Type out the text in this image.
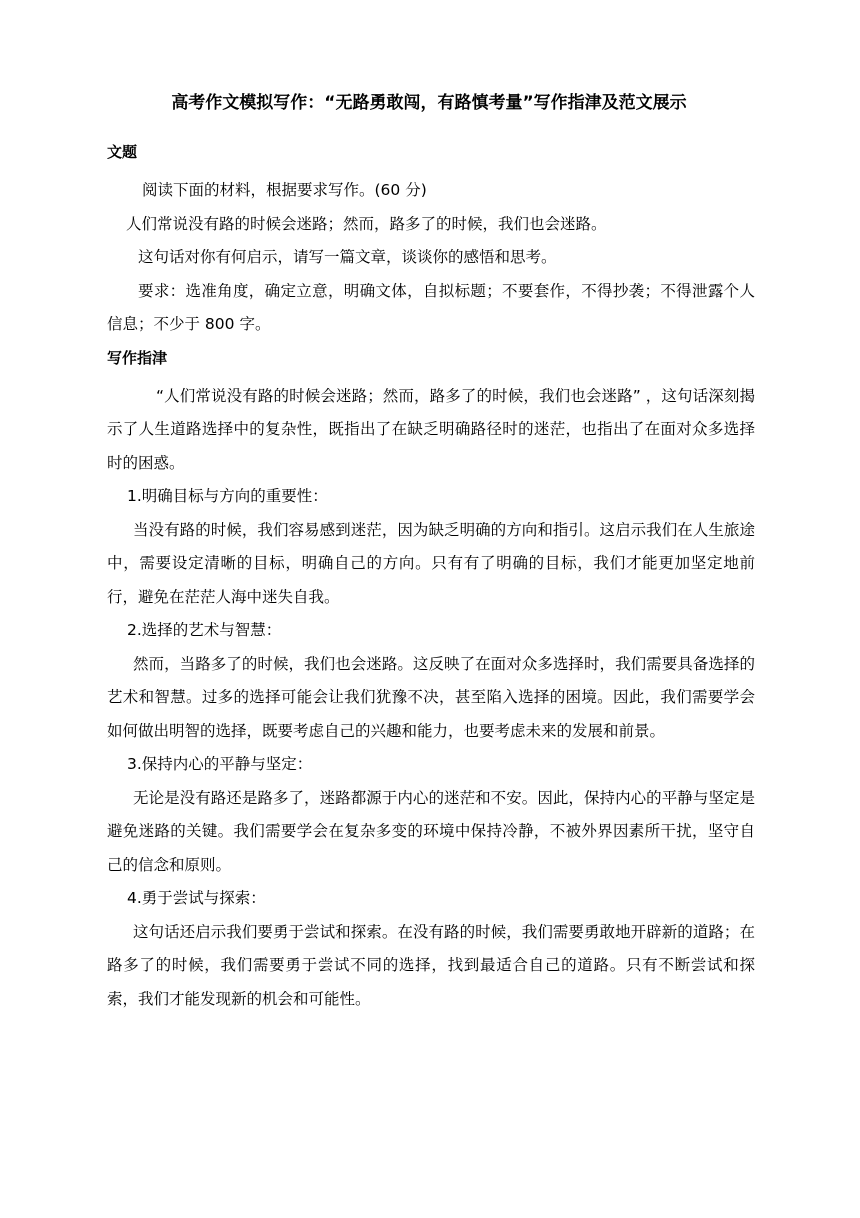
高考作文模拟写作：“无路勇敢闯，有路慎考量”写作指津及范文展示
文题

阅读下面的材料，根据要求写作。(60 分)

人们常说没有路的时候会迷路；然而，路多了的时候，我们也会迷路。

这句话对你有何启示，请写一篇文章，谈谈你的感悟和思考。

要求：选准角度，确定立意，明确文体，自拟标题；不要套作，不得抄袭；不得泄露个人信息；不少于 800 字。

写作指津

“人们常说没有路的时候会迷路；然而，路多了的时候，我们也会迷路” ，这句话深刻揭示了人生道路选择中的复杂性，既指出了在缺乏明确路径时的迷茫，也指出了在面对众多选择时的困惑。

1.明确目标与方向的重要性：

当没有路的时候，我们容易感到迷茫，因为缺乏明确的方向和指引。这启示我们在人生旅途中，需要设定清晰的目标，明确自己的方向。只有有了明确的目标，我们才能更加坚定地前行，避免在茫茫人海中迷失自我。

2.选择的艺术与智慧：

然而，当路多了的时候，我们也会迷路。这反映了在面对众多选择时，我们需要具备选择的艺术和智慧。过多的选择可能会让我们犹豫不决，甚至陷入选择的困境。因此，我们需要学会如何做出明智的选择，既要考虑自己的兴趣和能力，也要考虑未来的发展和前景。

3.保持内心的平静与坚定：

无论是没有路还是路多了，迷路都源于内心的迷茫和不安。因此，保持内心的平静与坚定是避免迷路的关键。我们需要学会在复杂多变的环境中保持冷静，不被外界因素所干扰，坚守自己的信念和原则。

4.勇于尝试与探索：

这句话还启示我们要勇于尝试和探索。在没有路的时候，我们需要勇敢地开辟新的道路；在路多了的时候，我们需要勇于尝试不同的选择，找到最适合自己的道路。只有不断尝试和探索，我们才能发现新的机会和可能性。
